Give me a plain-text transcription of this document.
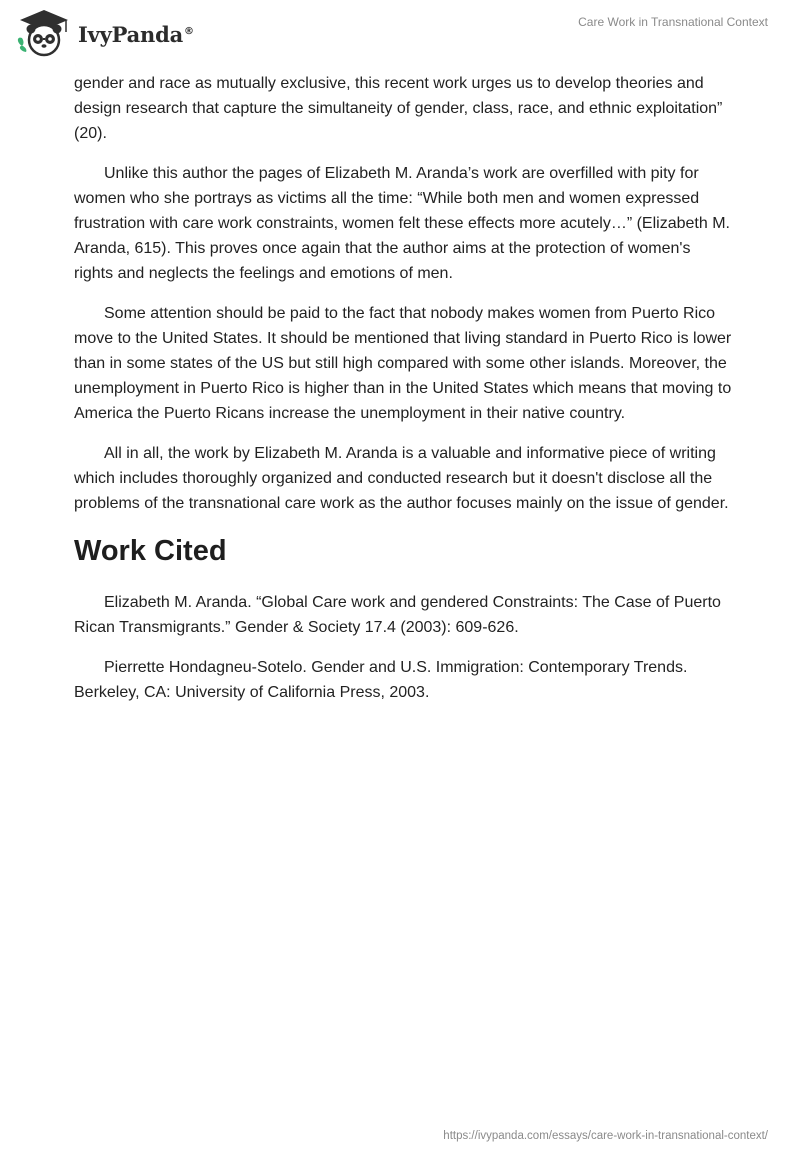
IvyPanda®
Care Work in Transnational Context

gender and race as mutually exclusive, this recent work urges us to develop theories and design research that capture the simultaneity of gender, class, race, and ethnic exploitation” (20).

Unlike this author the pages of Elizabeth M. Aranda’s work are overfilled with pity for women who she portrays as victims all the time: “While both men and women expressed frustration with care work constraints, women felt these effects more acutely…” (Elizabeth M. Aranda, 615). This proves once again that the author aims at the protection of women's rights and neglects the feelings and emotions of men.

Some attention should be paid to the fact that nobody makes women from Puerto Rico move to the United States. It should be mentioned that living standard in Puerto Rico is lower than in some states of the US but still high compared with some other islands. Moreover, the unemployment in Puerto Rico is higher than in the United States which means that moving to America the Puerto Ricans increase the unemployment in their native country.

All in all, the work by Elizabeth M. Aranda is a valuable and informative piece of writing which includes thoroughly organized and conducted research but it doesn't disclose all the problems of the transnational care work as the author focuses mainly on the issue of gender.

Work Cited

Elizabeth M. Aranda. “Global Care work and gendered Constraints: The Case of Puerto Rican Transmigrants.” Gender & Society 17.4 (2003): 609-626.

Pierrette Hondagneu-Sotelo. Gender and U.S. Immigration: Contemporary Trends. Berkeley, CA: University of California Press, 2003.

https://ivypanda.com/essays/care-work-in-transnational-context/
